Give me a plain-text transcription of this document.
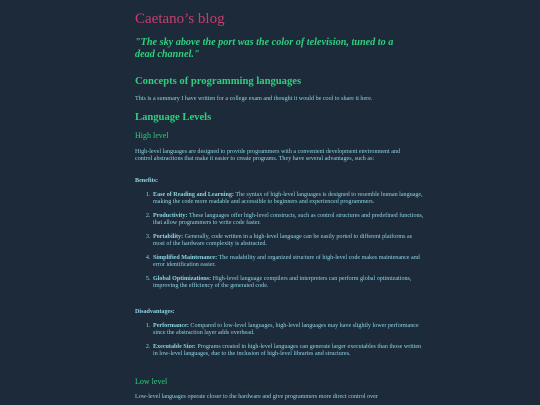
Caetano’s blog

"The sky above the port was the color of television, tuned to a dead channel."

Concepts of programming languages

This is a summary I have written for a college exam and thought it would be cool to share it here.

Language Levels
High level

High-level languages are designed to provide programmers with a convenient development environment and control abstractions that make it easier to create programs. They have several advantages, such as:

Benefits:

1. Ease of Reading and Learning: The syntax of high-level languages is designed to resemble human language, making the code more readable and accessible to beginners and experienced programmers.
2. Productivity: These languages offer high-level constructs, such as control structures and predefined functions, that allow programmers to write code faster.
3. Portability: Generally, code written in a high-level language can be easily ported to different platforms as most of the hardware complexity is abstracted.
4. Simplified Maintenance: The readability and organized structure of high-level code makes maintenance and error identification easier.
5. Global Optimizations: High-level language compilers and interpreters can perform global optimizations, improving the efficiency of the generated code.

Disadvantages:

1. Performance: Compared to low-level languages, high-level languages may have slightly lower performance since the abstraction layer adds overhead.
2. Executable Size: Programs created in high-level languages can generate larger executables than those written in low-level languages, due to the inclusion of high-level libraries and structures.
Low level

Low-level languages operate closer to the hardware and give programmers more direct control over
